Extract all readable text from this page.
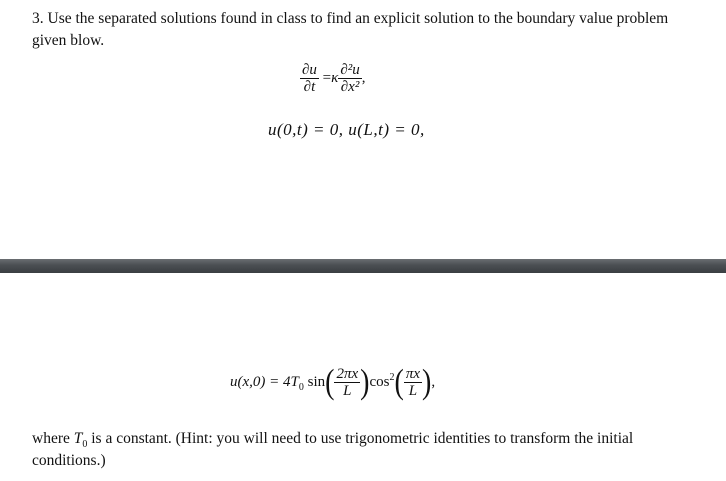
3. Use the separated solutions found in class to find an explicit solution to the boundary value problem given blow.
$\frac{\partial u}{\partial t} =\kappa \frac{\text{∂²u}}{\text{∂x²}}$ ,
u(0,t) = 0, u(L,t) = 0,
$u(x,0) = 4T_0$ $\sin( \frac{2\pi x}{L} )\cos^2( \frac{\pi x}{L}$ ),
where $T_0$ is a constant. (Hint: you will need to use trigonometric identities to transform the initial conditions.)
